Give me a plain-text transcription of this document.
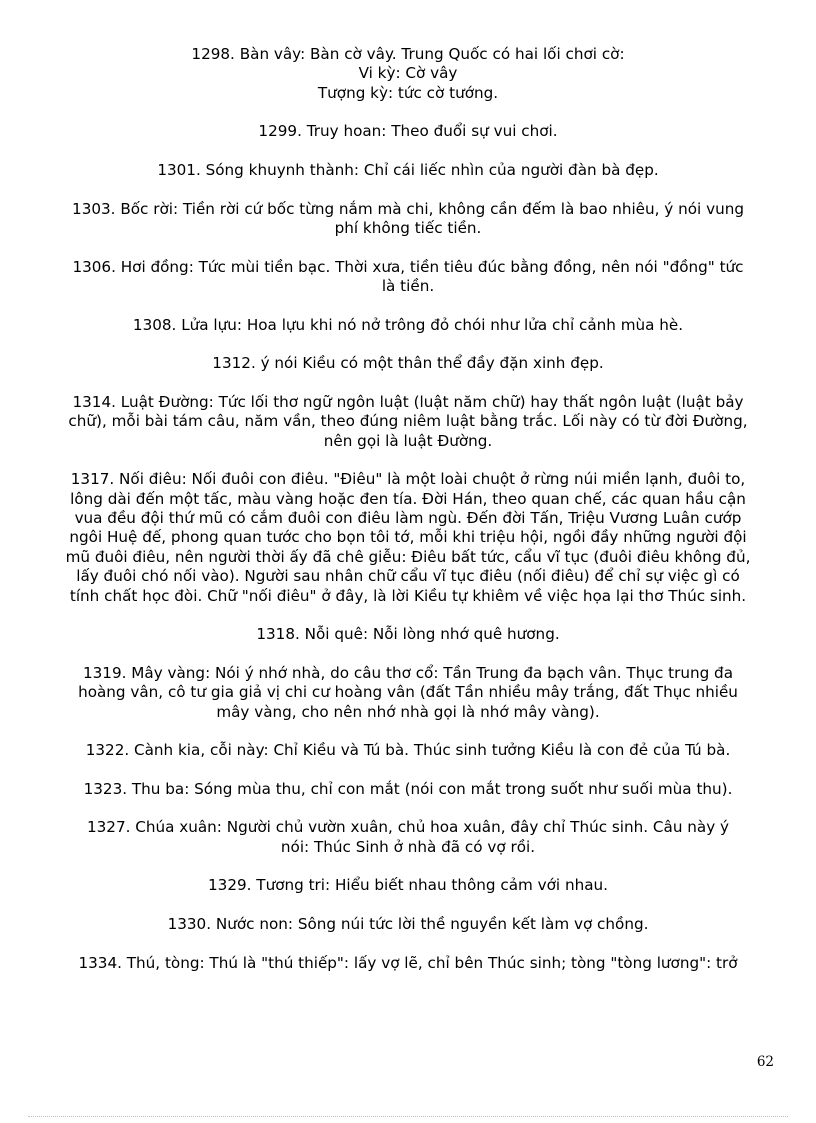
1298. Bàn vây: Bàn cờ vây. Trung Quốc có hai lối chơi cờ:
Vi kỳ: Cờ vây
Tượng kỳ: tức cờ tướng.
1299. Truy hoan: Theo đuổi sự vui chơi.
1301. Sóng khuynh thành: Chỉ cái liếc nhìn của người đàn bà đẹp.
1303. Bốc rời: Tiền rời cứ bốc từng nắm mà chi, không cần đếm là bao nhiêu, ý nói vung
phí không tiếc tiền.
1306. Hơi đồng: Tức mùi tiền bạc. Thời xưa, tiền tiêu đúc bằng đồng, nên nói "đồng" tức
là tiền.
1308. Lửa lựu: Hoa lựu khi nó nở trông đỏ chói như lửa chỉ cảnh mùa hè.
1312. ý nói Kiều có một thân thể đầy đặn xinh đẹp.
1314. Luật Đường: Tức lối thơ ngữ ngôn luật (luật năm chữ) hay thất ngôn luật (luật bảy
chữ), mỗi bài tám câu, năm vần, theo đúng niêm luật bằng trắc. Lối này có từ đời Đường,
nên gọi là luật Đường.
1317. Nối điêu: Nối đuôi con điêu. "Điêu" là một loài chuột ở rừng núi miền lạnh, đuôi to,
lông dài đến một tấc, màu vàng hoặc đen tía. Đời Hán, theo quan chế, các quan hầu cận
vua đều đội thứ mũ có cắm đuôi con điêu làm ngù. Đến đời Tấn, Triệu Vương Luân cướp
ngôi Huệ đế, phong quan tước cho bọn tôi tớ, mỗi khi triệu hội, ngồi đầy những người đội
mũ đuôi điêu, nên người thời ấy đã chê giễu: Điêu bất tức, cẩu vĩ tục (đuôi điêu không đủ,
lấy đuôi chó nối vào). Người sau nhân chữ cẩu vĩ tục điêu (nối điêu) để chỉ sự việc gì có
tính chất học đòi. Chữ "nối điêu" ở đây, là lời Kiều tự khiêm về việc họa lại thơ Thúc sinh.
1318. Nỗi quê: Nỗi lòng nhớ quê hương.
1319. Mây vàng: Nói ý nhớ nhà, do câu thơ cổ: Tần Trung đa bạch vân. Thục trung đa
hoàng vân, cô tư gia giả vị chi cư hoàng vân (đất Tần nhiều mây trắng, đất Thục nhiều
mây vàng, cho nên nhớ nhà gọi là nhớ mây vàng).
1322. Cành kia, cỗi này: Chỉ Kiều và Tú bà. Thúc sinh tưởng Kiều là con đẻ của Tú bà.
1323. Thu ba: Sóng mùa thu, chỉ con mắt (nói con mắt trong suốt như suối mùa thu).
1327. Chúa xuân: Người chủ vườn xuân, chủ hoa xuân, đây chỉ Thúc sinh. Câu này ý
nói: Thúc Sinh ở nhà đã có vợ rồi.
1329. Tương tri: Hiểu biết nhau thông cảm với nhau.
1330. Nước non: Sông núi tức lời thề nguyền kết làm vợ chồng.
1334. Thú, tòng: Thú là "thú thiếp": lấy vợ lẽ, chỉ bên Thúc sinh; tòng "tòng lương": trở
62
